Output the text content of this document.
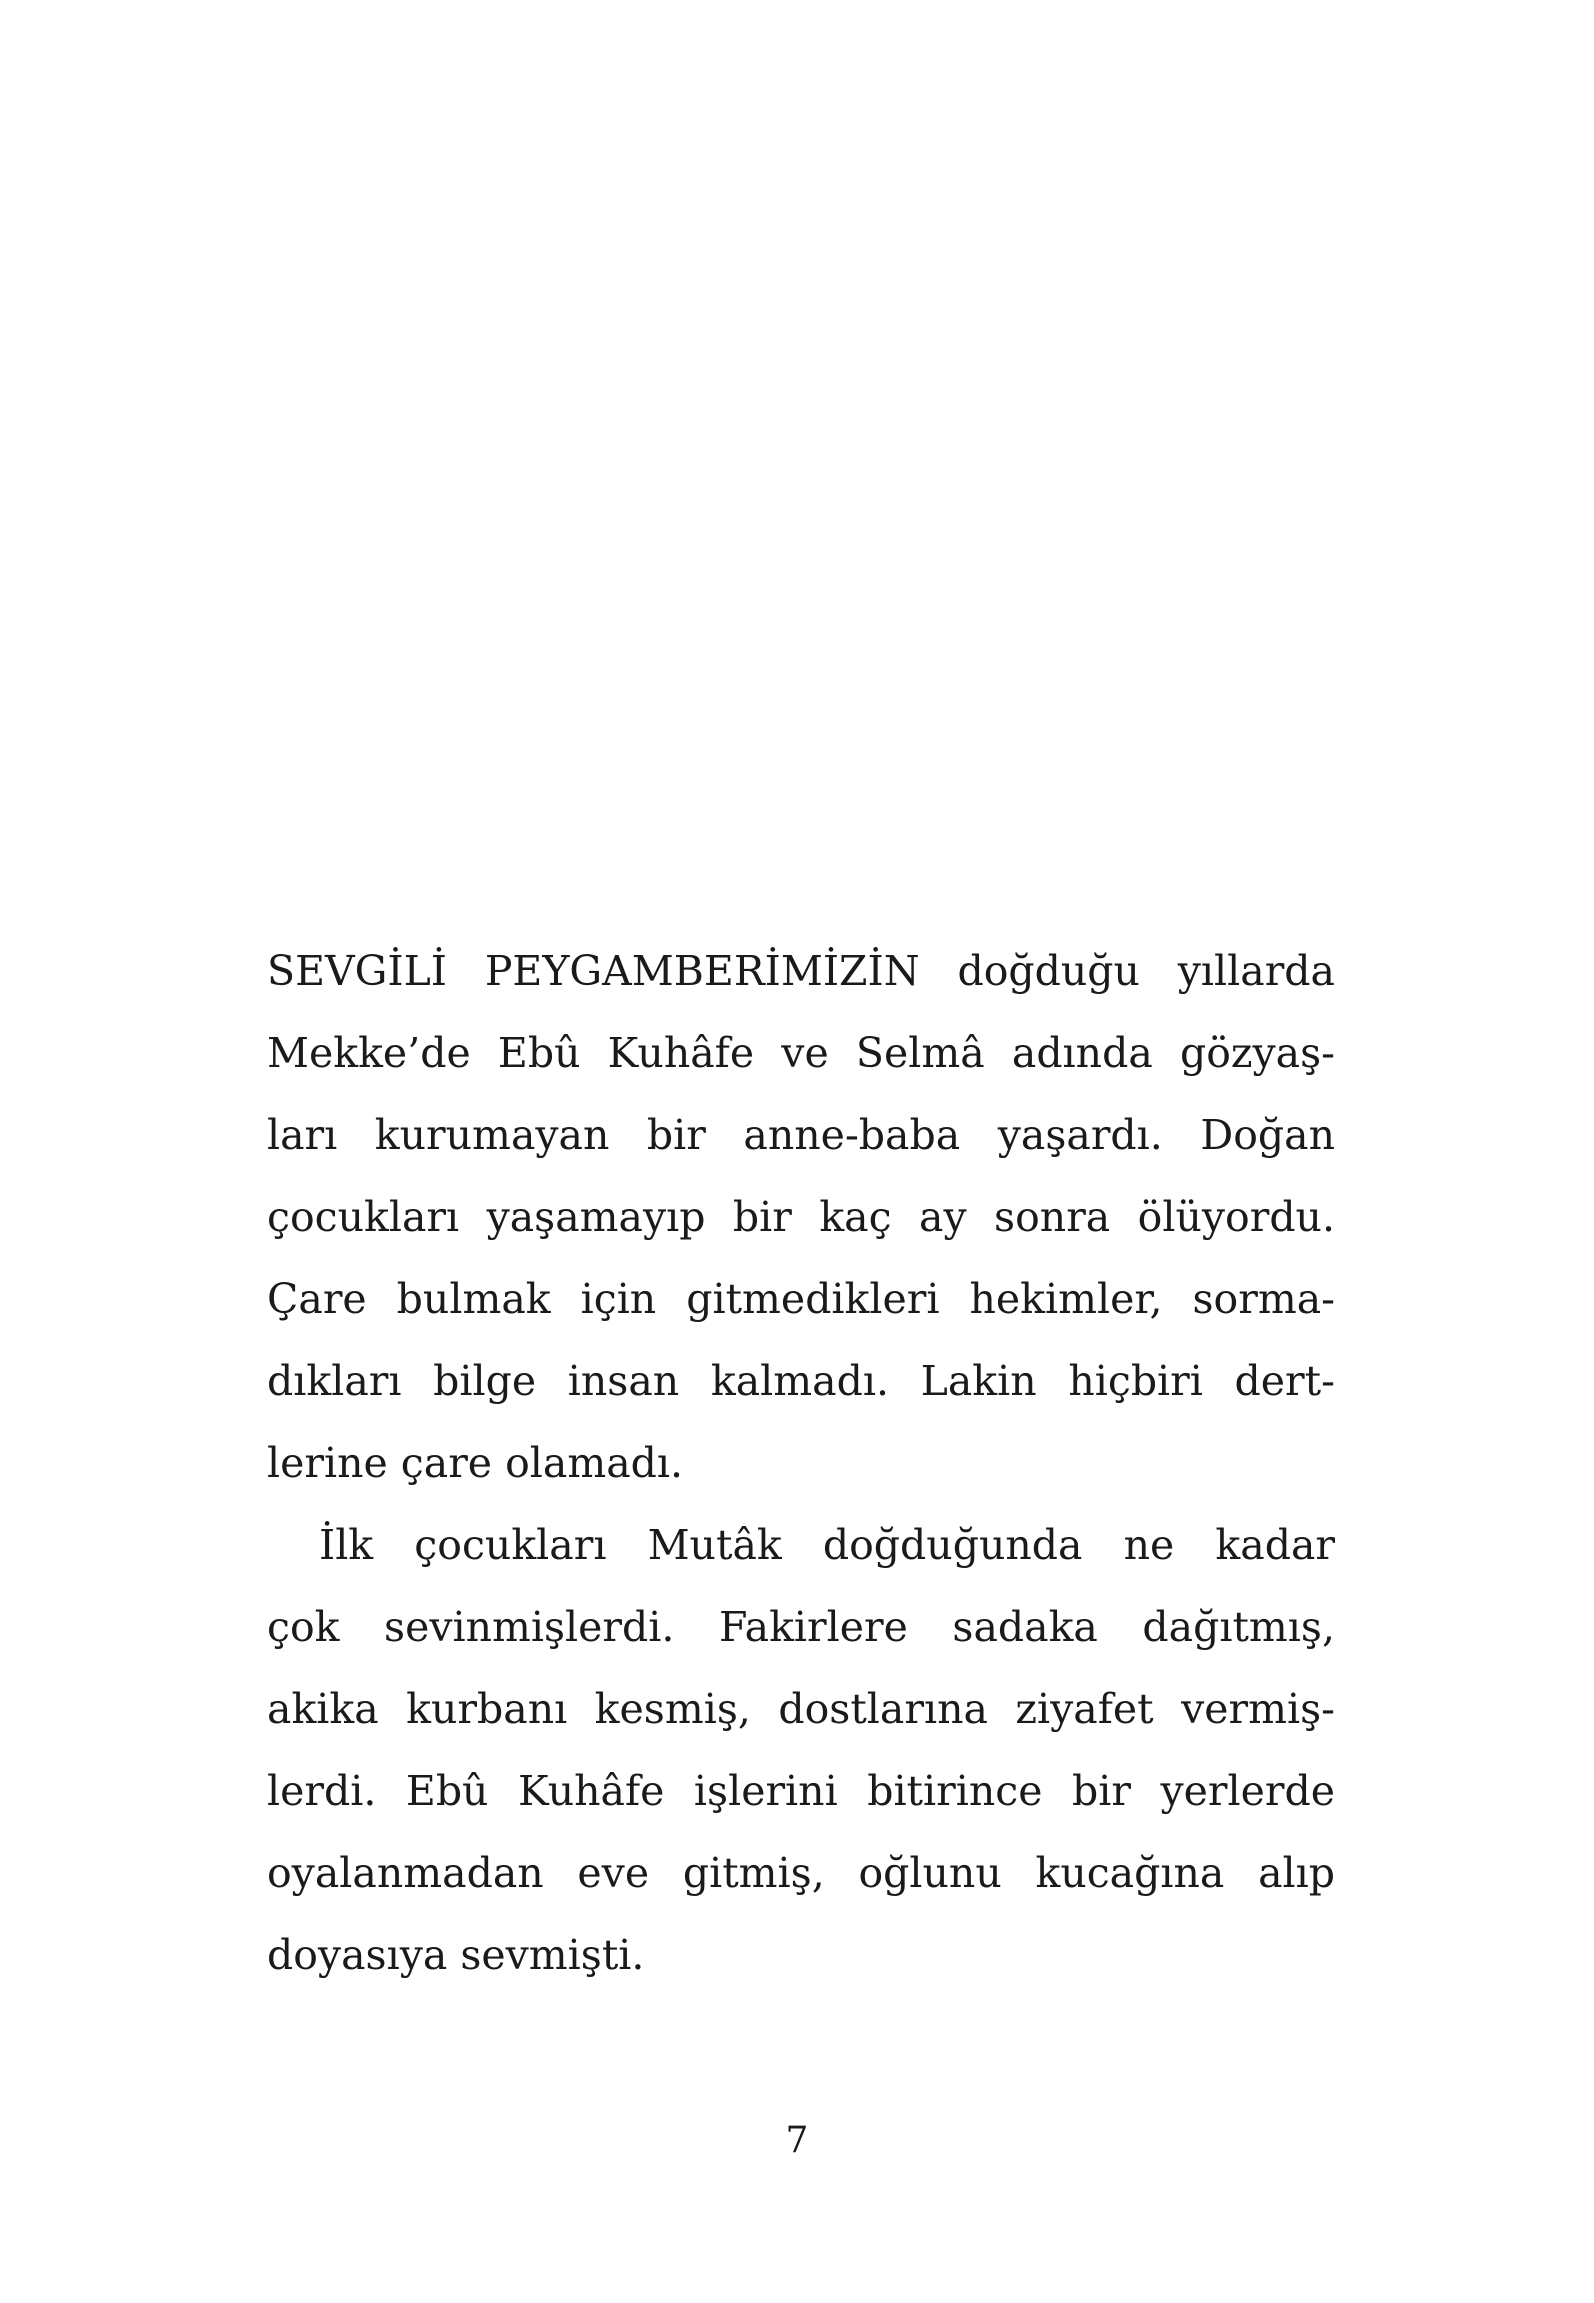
SEVGİLİ PEYGAMBERİMİZİN doğduğu yıllarda
Mekke’de Ebû Kuhâfe ve Selmâ adında gözyaş-
ları kurumayan bir anne-baba yaşardı. Doğan
çocukları yaşamayıp bir kaç ay sonra ölüyordu.
Çare bulmak için gitmedikleri hekimler, sorma-
dıkları bilge insan kalmadı. Lakin hiçbiri dert-
lerine çare olamadı.
İlk çocukları Mutâk doğduğunda ne kadar
çok sevinmişlerdi. Fakirlere sadaka dağıtmış,
akika kurbanı kesmiş, dostlarına ziyafet vermiş-
lerdi. Ebû Kuhâfe işlerini bitirince bir yerlerde
oyalanmadan eve gitmiş, oğlunu kucağına alıp
doyasıya sevmişti.
7
